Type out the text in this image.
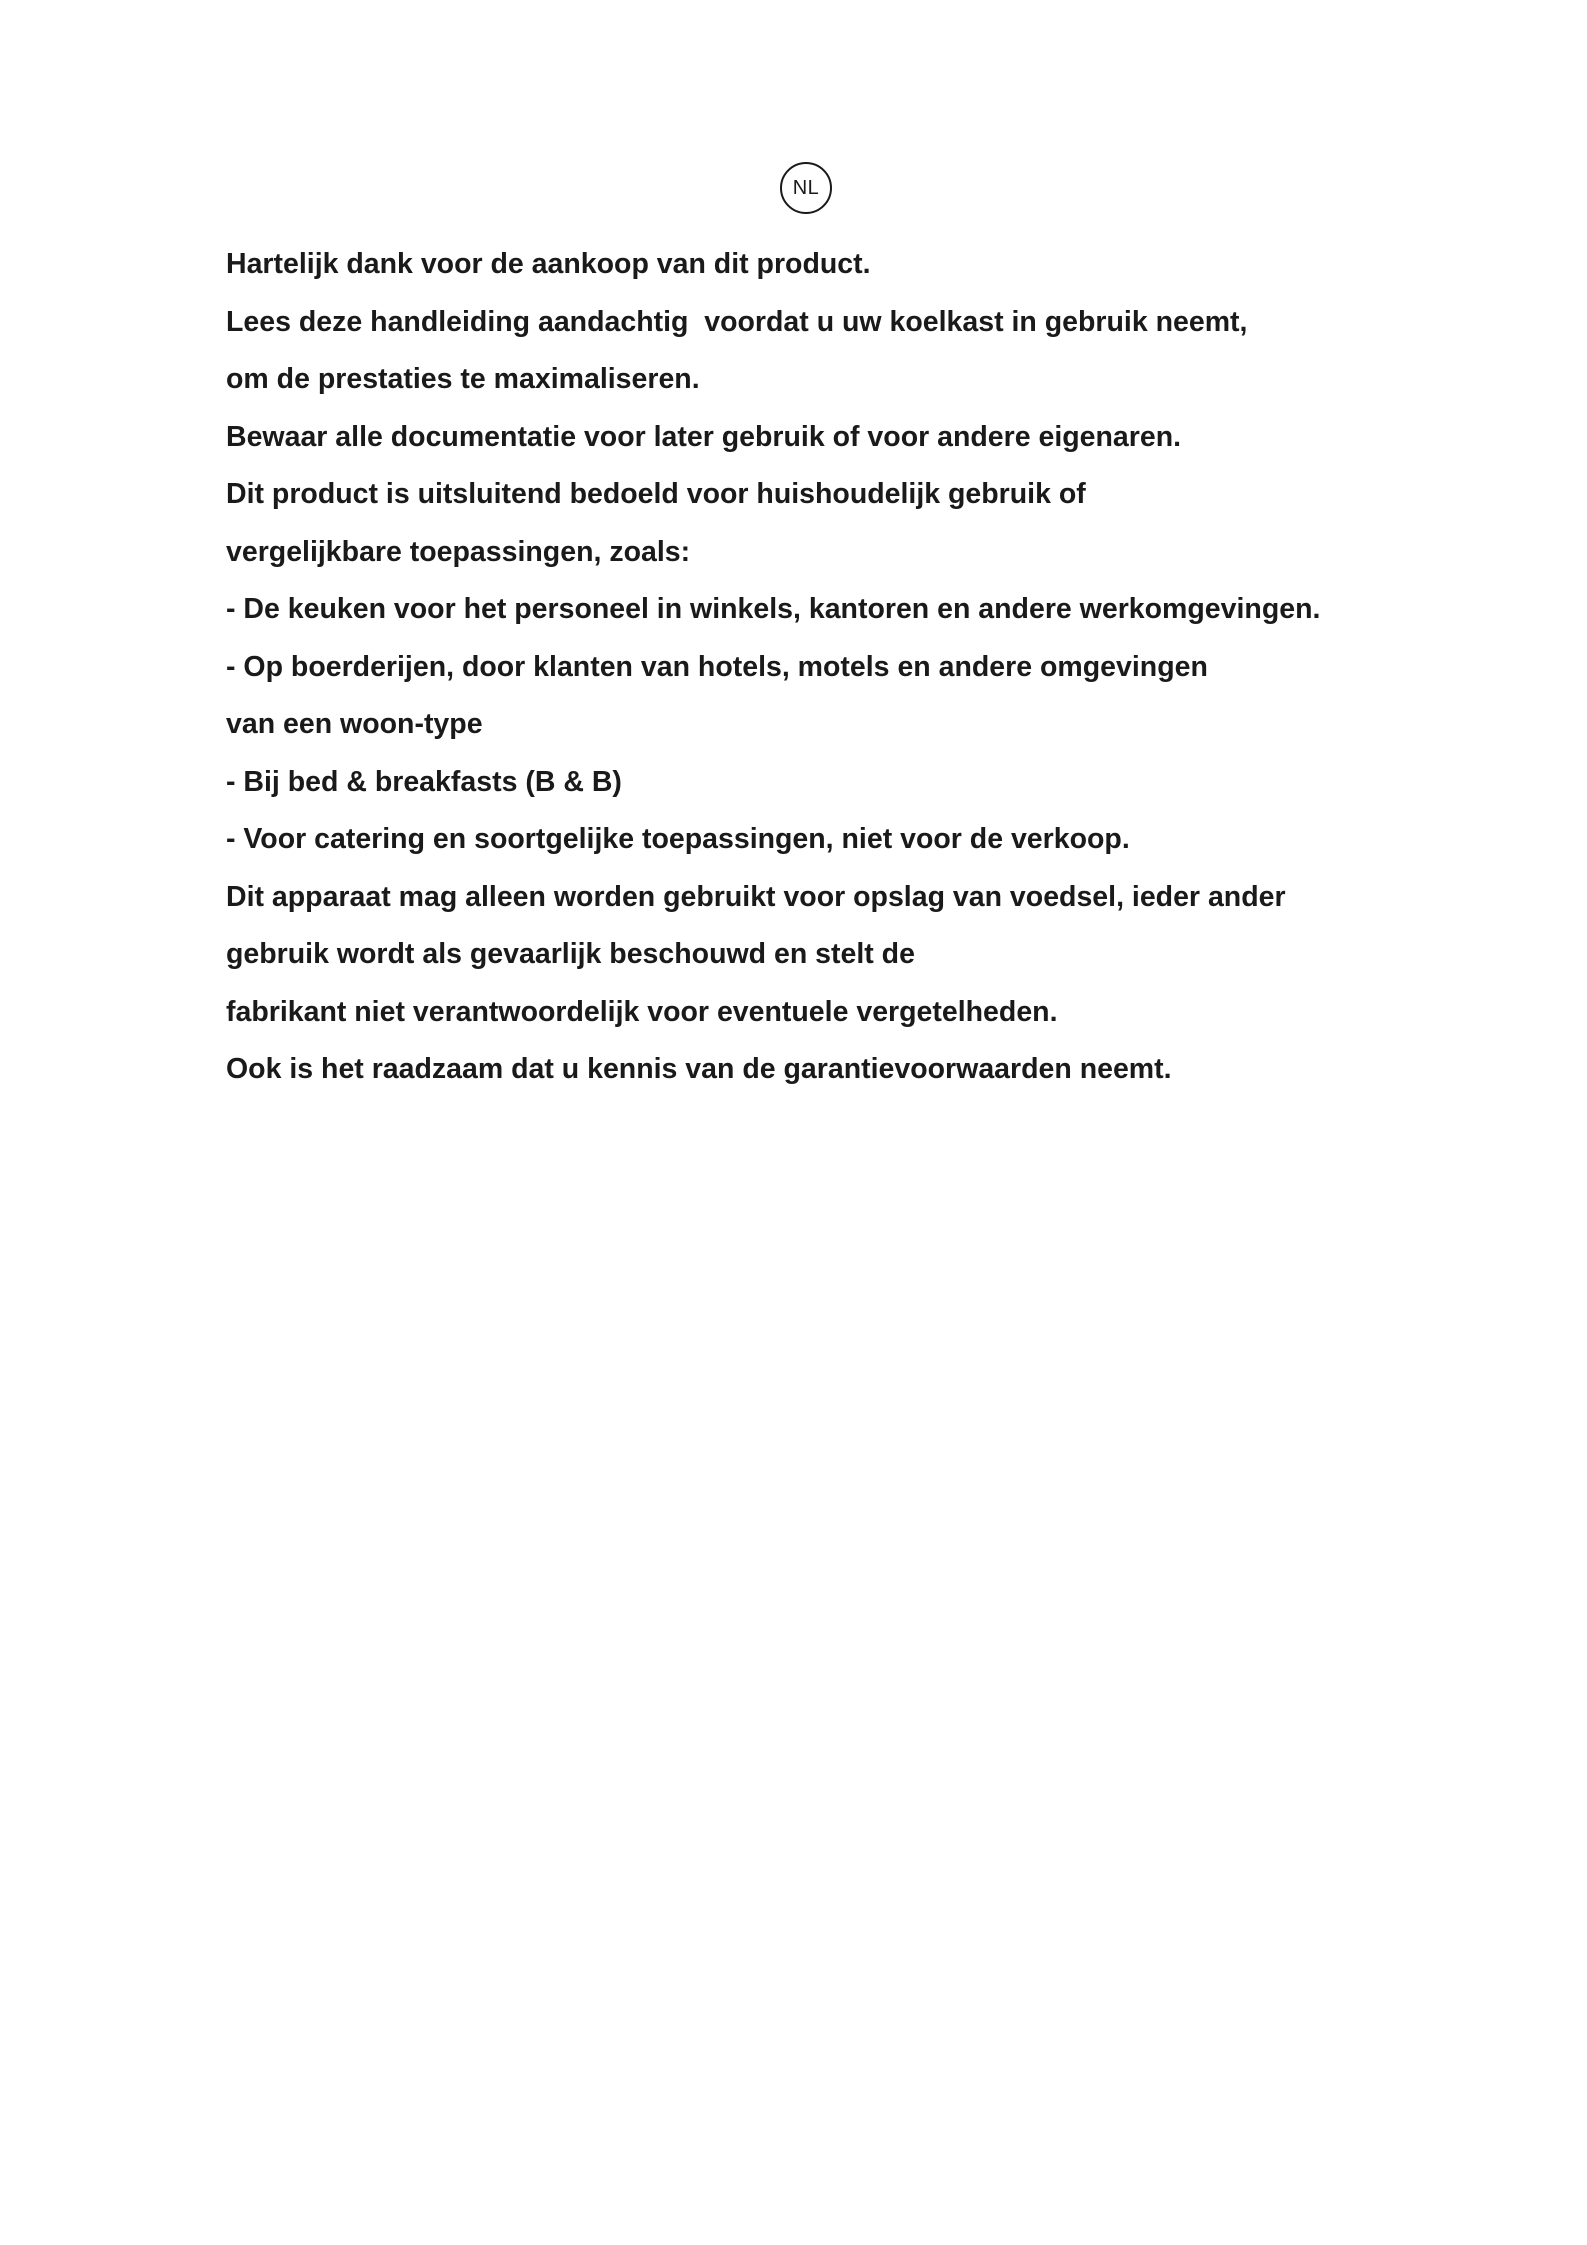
NL
Hartelijk dank voor de aankoop van dit product.
Lees deze handleiding aandachtig  voordat u uw koelkast in gebruik neemt,
om de prestaties te maximaliseren.
Bewaar alle documentatie voor later gebruik of voor andere eigenaren.
Dit product is uitsluitend bedoeld voor huishoudelijk gebruik of
vergelijkbare toepassingen, zoals:
- De keuken voor het personeel in winkels, kantoren en andere werkomgevingen.
- Op boerderijen, door klanten van hotels, motels en andere omgevingen
van een woon-type
- Bij bed & breakfasts (B & B)
- Voor catering en soortgelijke toepassingen, niet voor de verkoop.
Dit apparaat mag alleen worden gebruikt voor opslag van voedsel, ieder ander
gebruik wordt als gevaarlijk beschouwd en stelt de
fabrikant niet verantwoordelijk voor eventuele vergetelheden.
Ook is het raadzaam dat u kennis van de garantievoorwaarden neemt.
